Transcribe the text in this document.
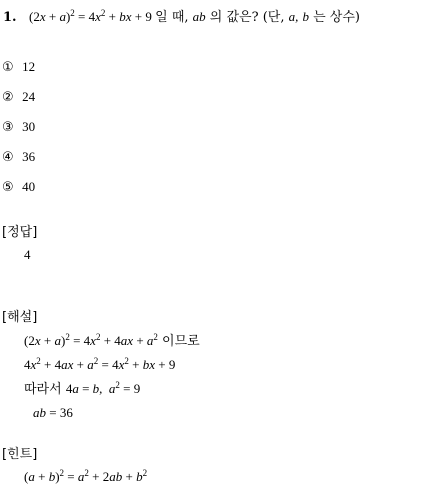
1.   $(2x + a)^2 = 4x^2$ + bx + 9 일 때, ab 의 값은? (단, a, b 는 상수)
① 12
② 24
③ 30
④ 36
⑤ 40
[정답]
4
[해설]
$(2x + a)^2 = 4x^2 + 4ax + a^2$ 이므로
$4x^2 + 4ax + a^2 = 4x^2$ + bx + 9
따라서 4a = b,  $a^2 = 9$
ab = 36
[힌트]
$(a + b)^2 = a^2 + 2ab + b^2$
